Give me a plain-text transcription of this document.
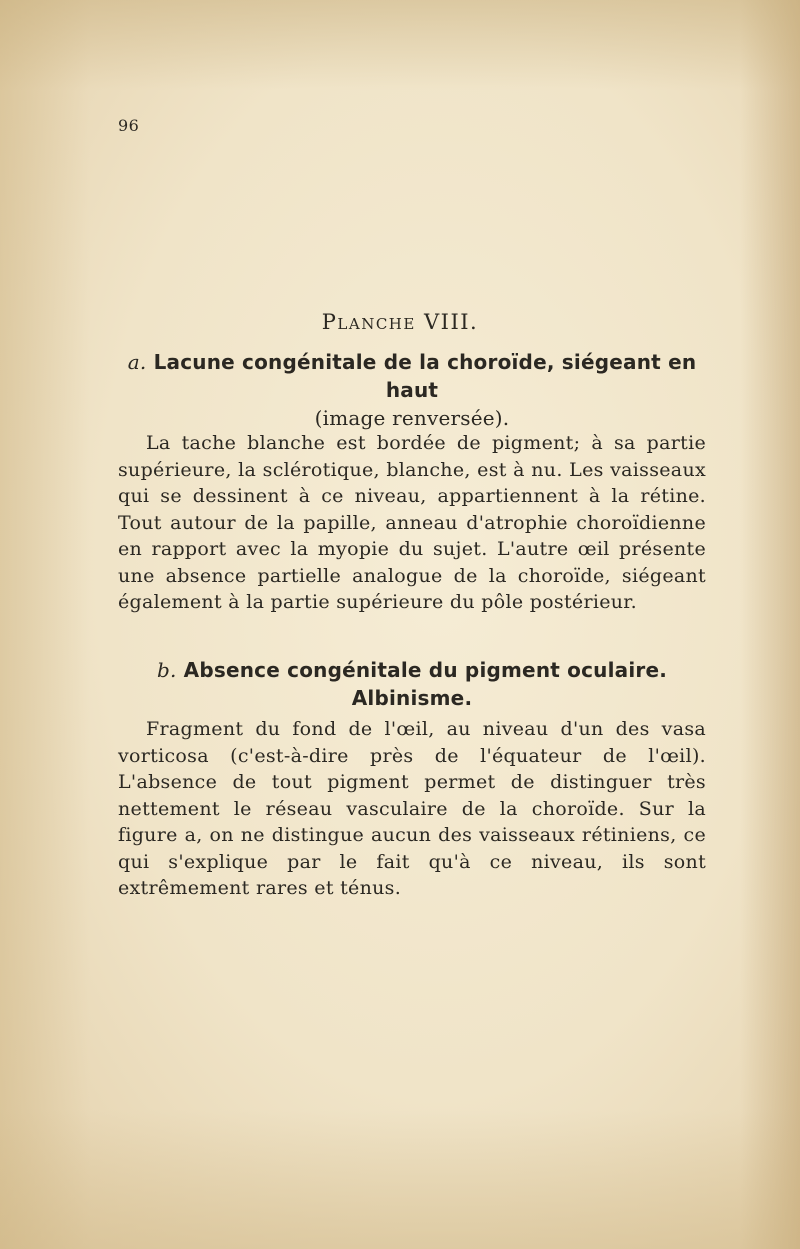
96
Planche VIII.
a. Lacune congénitale de la choroïde, siégeant en haut
(image renversée).

La tache blanche est bordée de pigment; à sa partie supérieure, la sclérotique, blanche, est à nu. Les vaisseaux qui se dessinent à ce niveau, appartiennent à la rétine. Tout autour de la papille, anneau d'atrophie choroïdienne en rapport avec la myopie du sujet. L'autre œil présente une absence partielle analogue de la choroïde, siégeant également à la partie supérieure du pôle postérieur.

b. Absence congénitale du pigment oculaire.
Albinisme.

Fragment du fond de l'œil, au niveau d'un des vasa vorticosa (c'est-à-dire près de l'équateur de l'œil). L'absence de tout pigment permet de distinguer très nettement le réseau vasculaire de la choroïde. Sur la figure a, on ne distingue aucun des vaisseaux rétiniens, ce qui s'explique par le fait qu'à ce niveau, ils sont extrêmement rares et ténus.
